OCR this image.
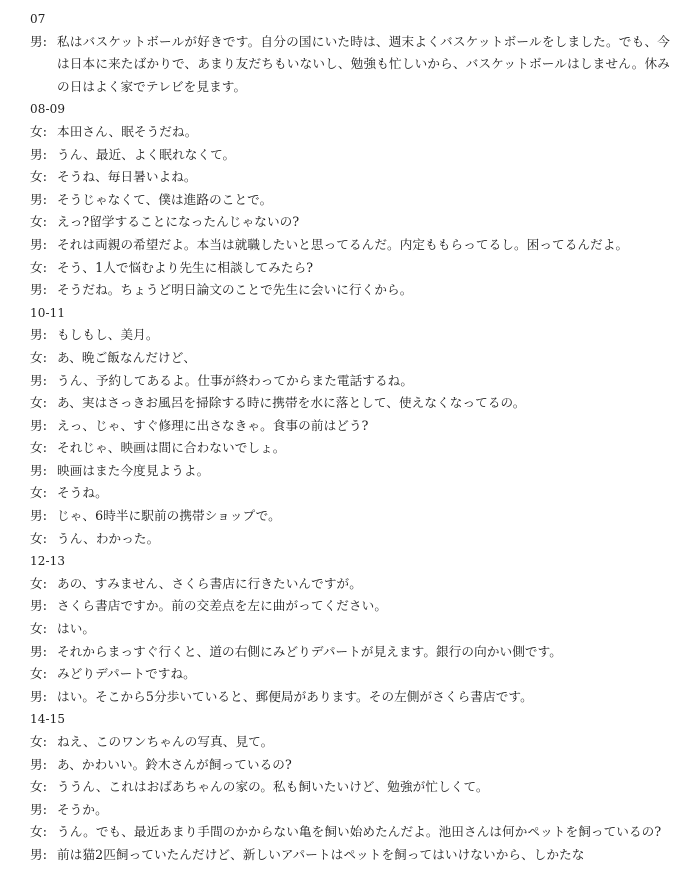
07
男: 私はバスケットボールが好きです。自分の国にいた時は、週末よくバスケットボールをしました。でも、今は日本に来たばかりで、あまり友だちもいないし、勉強も忙しいから、バスケットボールはしません。休みの日はよく家でテレビを見ます。
08-09
女: 本田さん、眠そうだね。
男: うん、最近、よく眠れなくて。
女: そうね、毎日暑いよね。
男: そうじゃなくて、僕は進路のことで。
女: えっ?留学することになったんじゃないの?
男: それは両親の希望だよ。本当は就職したいと思ってるんだ。内定ももらってるし。困ってるんだよ。
女: そう、1人で悩むより先生に相談してみたら?
男: そうだね。ちょうど明日論文のことで先生に会いに行くから。
10-11
男: もしもし、美月。
女: あ、晩ご飯なんだけど、
男: うん、予約してあるよ。仕事が終わってからまた電話するね。
女: あ、実はさっきお風呂を掃除する時に携帯を水に落として、使えなくなってるの。
男: えっ、じゃ、すぐ修理に出さなきゃ。食事の前はどう?
女: それじゃ、映画は間に合わないでしょ。
男: 映画はまた今度見ようよ。
女: そうね。
男: じゃ、6時半に駅前の携帯ショップで。
女: うん、わかった。
12-13
女: あの、すみません、さくら書店に行きたいんですが。
男: さくら書店ですか。前の交差点を左に曲がってください。
女: はい。
男: それからまっすぐ行くと、道の右側にみどりデパートが見えます。銀行の向かい側です。
女: みどりデパートですね。
男: はい。そこから5分歩いていると、郵便局があります。その左側がさくら書店です。
14-15
女: ねえ、このワンちゃんの写真、見て。
男: あ、かわいい。鈴木さんが飼っているの?
女: ううん、これはおばあちゃんの家の。私も飼いたいけど、勉強が忙しくて。
男: そうか。
女: うん。でも、最近あまり手間のかからない亀を飼い始めたんだよ。池田さんは何かペットを飼っているの?
男: 前は猫2匹飼っていたんだけど、新しいアパートはペットを飼ってはいけないから、しかたな
